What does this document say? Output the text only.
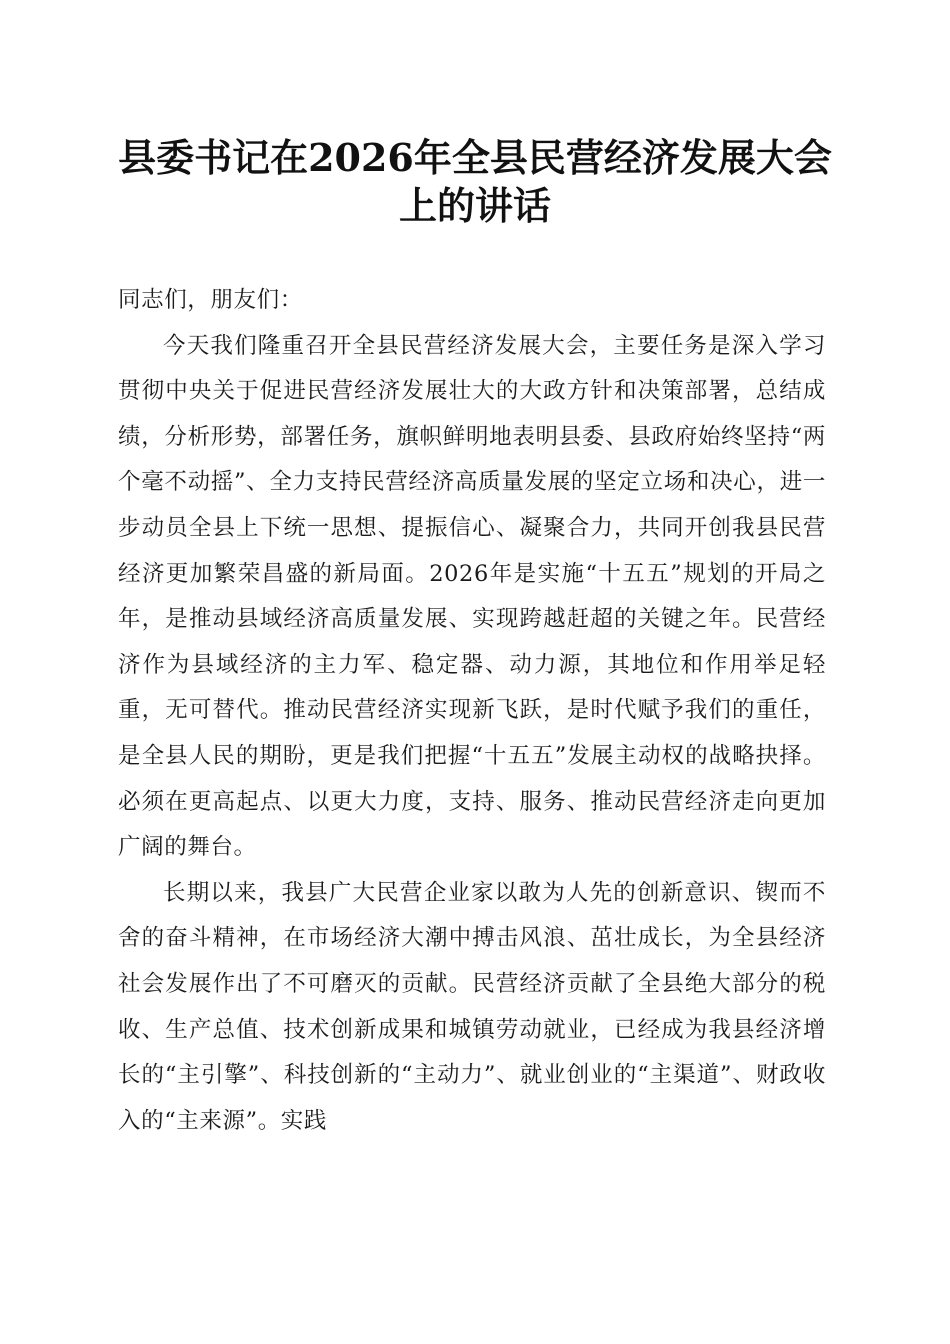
县委书记在2026年全县民营经济发展大会上的讲话

同志们，朋友们：

今天我们隆重召开全县民营经济发展大会，主要任务是深入学习贯彻中央关于促进民营经济发展壮大的大政方针和决策部署，总结成绩，分析形势，部署任务，旗帜鲜明地表明县委、县政府始终坚持“两个毫不动摇”、全力支持民营经济高质量发展的坚定立场和决心，进一步动员全县上下统一思想、提振信心、凝聚合力，共同开创我县民营经济更加繁荣昌盛的新局面。2026年是实施“十五五”规划的开局之年，是推动县域经济高质量发展、实现跨越赶超的关键之年。民营经济作为县域经济的主力军、稳定器、动力源，其地位和作用举足轻重，无可替代。推动民营经济实现新飞跃，是时代赋予我们的重任，是全县人民的期盼，更是我们把握“十五五”发展主动权的战略抉择。必须在更高起点、以更大力度，支持、服务、推动民营经济走向更加广阔的舞台。

长期以来，我县广大民营企业家以敢为人先的创新意识、锲而不舍的奋斗精神，在市场经济大潮中搏击风浪、茁壮成长，为全县经济社会发展作出了不可磨灭的贡献。民营经济贡献了全县绝大部分的税收、生产总值、技术创新成果和城镇劳动就业，已经成为我县经济增长的“主引擎”、科技创新的“主动力”、就业创业的“主渠道”、财政收入的“主来源”。实践
